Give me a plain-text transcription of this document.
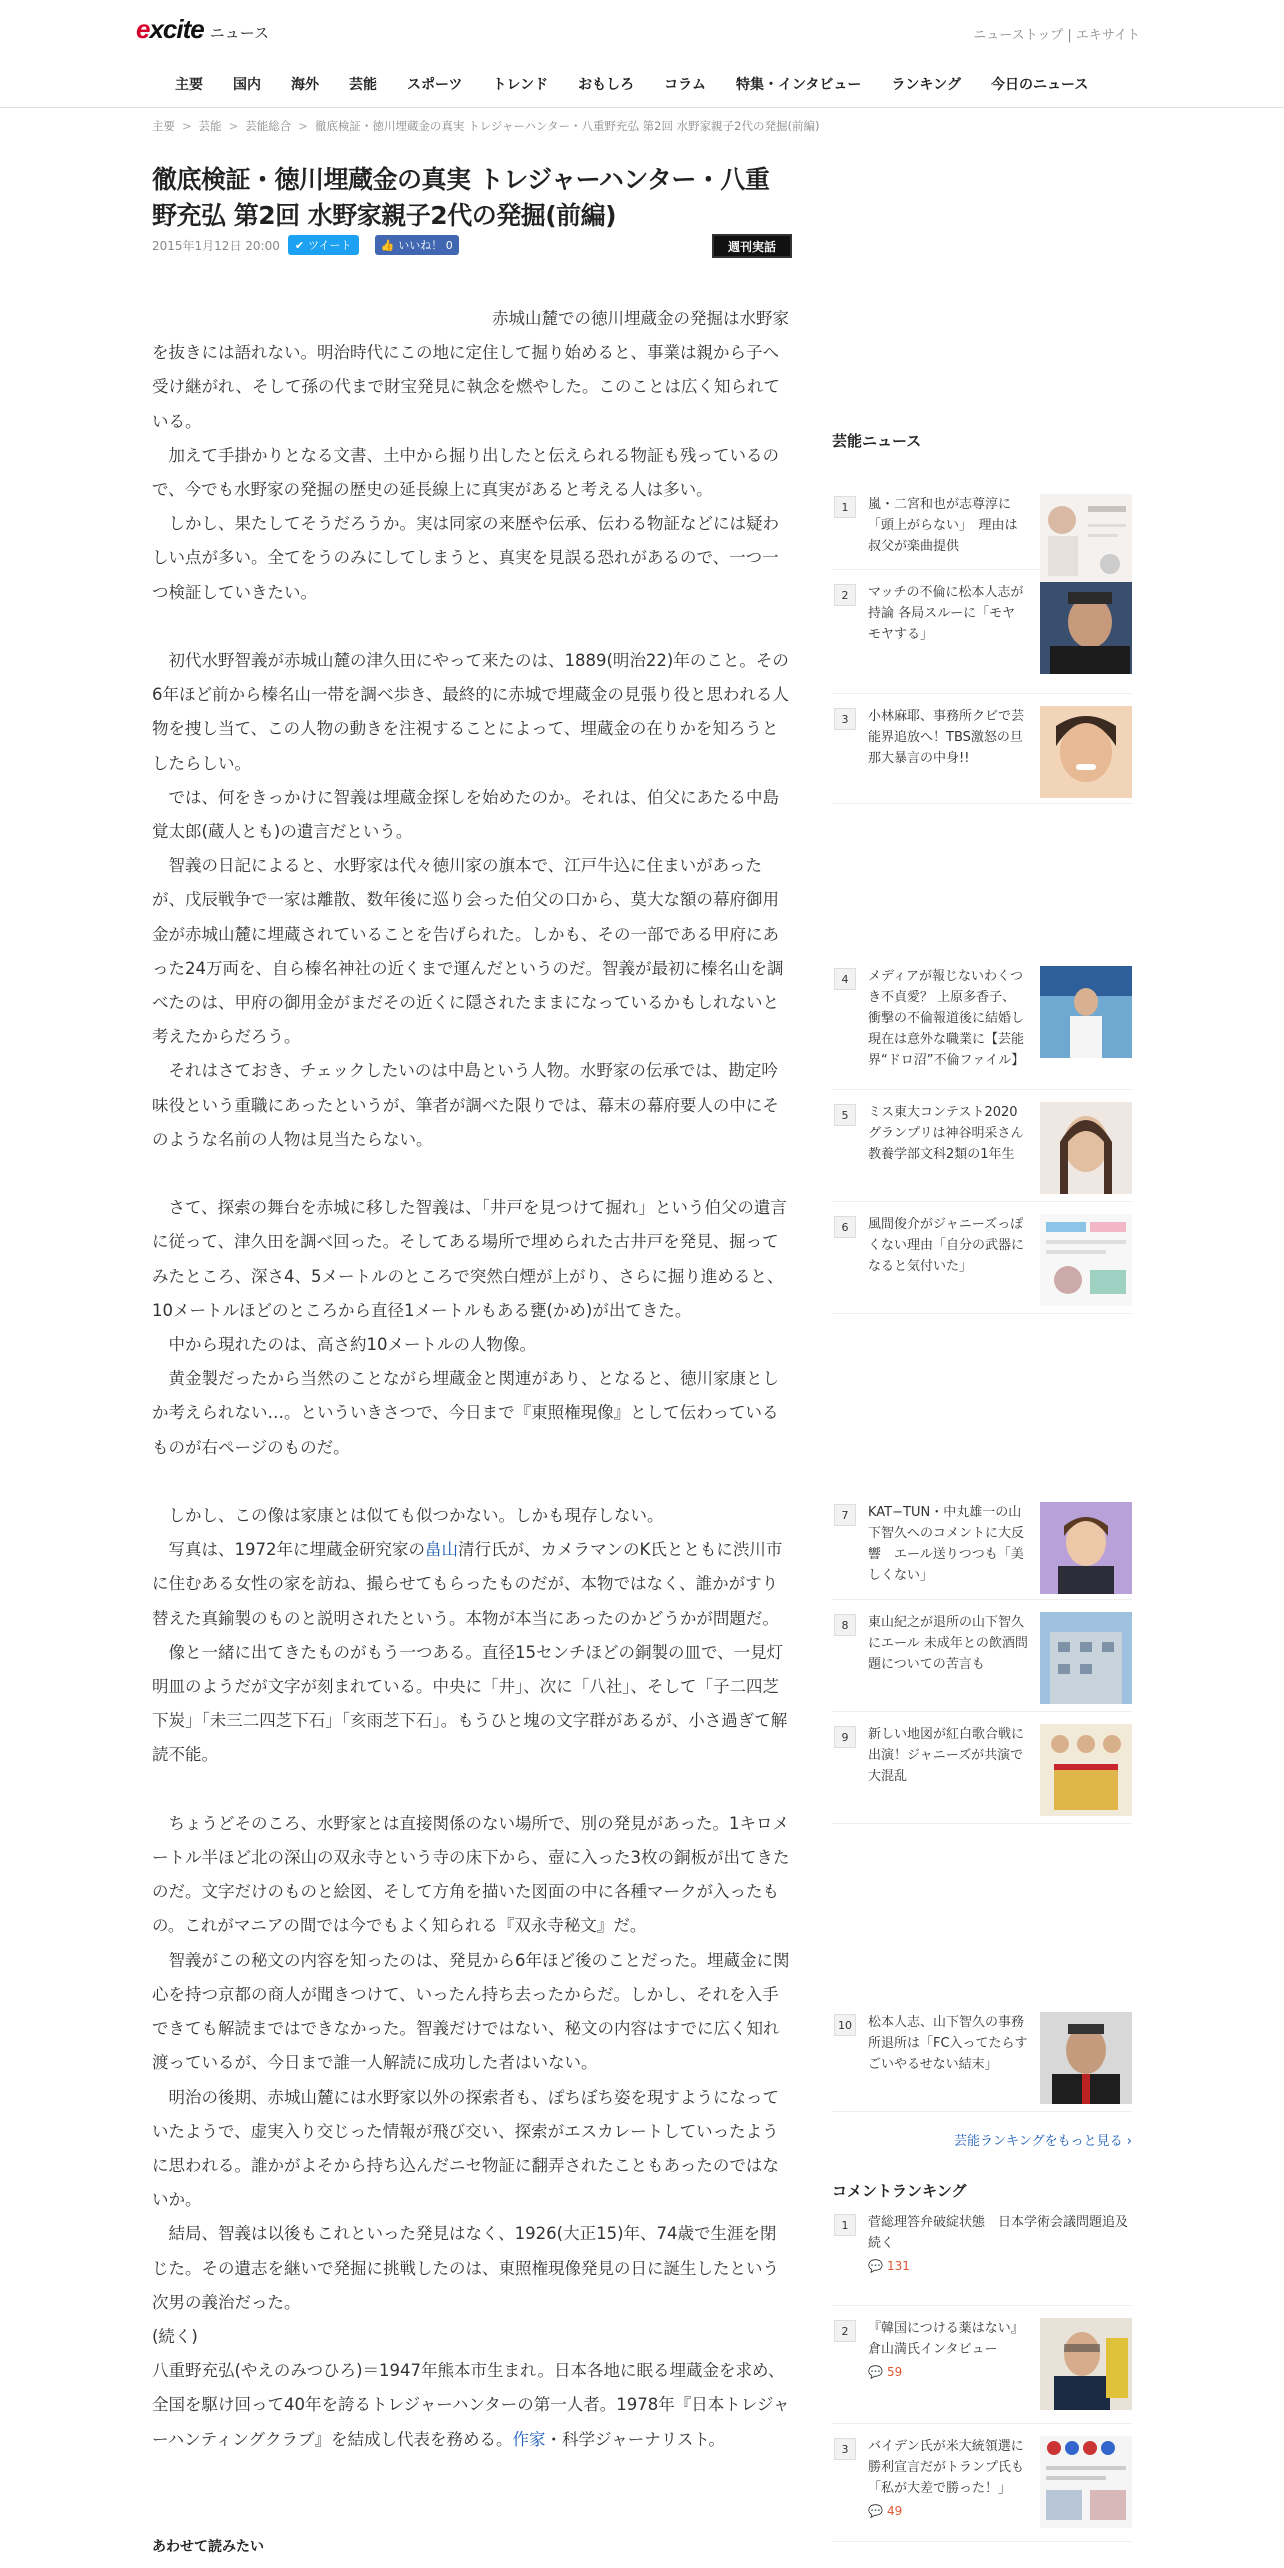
excite ニュース	ニューストップ | エキサイト
主要	国内	海外	芸能	スポーツ	トレンド	おもしろ	コラム	特集・インタビュー	ランキング	今日のニュース
主要 > 芸能 > 芸能総合 > 徹底検証・徳川埋蔵金の真実 トレジャーハンター・八重野充弘 第2回 水野家親子2代の発掘(前編)
徹底検証・徳川埋蔵金の真実 トレジャーハンター・八重野充弘 第2回 水野家親子2代の発掘(前編)
2015年1月12日 20:00 ✔ ツイート	👍 いいね！ 0	週刊実話

赤城山麓での徳川埋蔵金の発掘は水野家を抜きには語れない。明治時代にこの地に定住して掘り始めると、事業は親から子へ受け継がれ、そして孫の代まで財宝発見に執念を燃やした。このことは広く知られている。

　加えて手掛かりとなる文書、土中から掘り出したと伝えられる物証も残っているので、今でも水野家の発掘の歴史の延長線上に真実があると考える人は多い。

　しかし、果たしてそうだろうか。実は同家の来歴や伝承、伝わる物証などには疑わしい点が多い。全てをうのみにしてしまうと、真実を見誤る恐れがあるので、一つ一つ検証していきたい。

　初代水野智義が赤城山麓の津久田にやって来たのは、1889(明治22)年のこと。その6年ほど前から榛名山一帯を調べ歩き、最終的に赤城で埋蔵金の見張り役と思われる人物を捜し当て、この人物の動きを注視することによって、埋蔵金の在りかを知ろうとしたらしい。

　では、何をきっかけに智義は埋蔵金探しを始めたのか。それは、伯父にあたる中島覚太郎(蔵人とも)の遺言だという。

　智義の日記によると、水野家は代々徳川家の旗本で、江戸牛込に住まいがあったが、戊辰戦争で一家は離散、数年後に巡り会った伯父の口から、莫大な額の幕府御用金が赤城山麓に埋蔵されていることを告げられた。しかも、その一部である甲府にあった24万両を、自ら榛名神社の近くまで運んだというのだ。智義が最初に榛名山を調べたのは、甲府の御用金がまだその近くに隠されたままになっているかもしれないと考えたからだろう。

　それはさておき、チェックしたいのは中島という人物。水野家の伝承では、勘定吟味役という重職にあったというが、筆者が調べた限りでは、幕末の幕府要人の中にそのような名前の人物は見当たらない。

　さて、探索の舞台を赤城に移した智義は、「井戸を見つけて掘れ」という伯父の遺言に従って、津久田を調べ回った。そしてある場所で埋められた古井戸を発見、掘ってみたところ、深さ4、5メートルのところで突然白煙が上がり、さらに掘り進めると、10メートルほどのところから直径1メートルもある甕(かめ)が出てきた。

　中から現れたのは、高さ約10メートルの人物像。

　黄金製だったから当然のことながら埋蔵金と関連があり、となると、徳川家康としか考えられない…。といういきさつで、今日まで『東照権現像』として伝わっているものが右ページのものだ。

　しかし、この像は家康とは似ても似つかない。しかも現存しない。

　写真は、1972年に埋蔵金研究家の畠山清行氏が、カメラマンのK氏とともに渋川市に住むある女性の家を訪ね、撮らせてもらったものだが、本物ではなく、誰かがすり替えた真鍮製のものと説明されたという。本物が本当にあったのかどうかが問題だ。

　像と一緒に出てきたものがもう一つある。直径15センチほどの銅製の皿で、一見灯明皿のようだが文字が刻まれている。中央に「井」、次に「八社」、そして「子二四芝下炭」「未三二四芝下石」「亥雨芝下石」。もうひと塊の文字群があるが、小さ過ぎて解読不能。

　ちょうどそのころ、水野家とは直接関係のない場所で、別の発見があった。1キロメートル半ほど北の深山の双永寺という寺の床下から、壺に入った3枚の銅板が出てきたのだ。文字だけのものと絵図、そして方角を描いた図面の中に各種マークが入ったもの。これがマニアの間では今でもよく知られる『双永寺秘文』だ。

　智義がこの秘文の内容を知ったのは、発見から6年ほど後のことだった。埋蔵金に関心を持つ京都の商人が聞きつけて、いったん持ち去ったからだ。しかし、それを入手できても解読まではできなかった。智義だけではない、秘文の内容はすでに広く知れ渡っているが、今日まで誰一人解読に成功した者はいない。

　明治の後期、赤城山麓には水野家以外の探索者も、ぽちぼち姿を現すようになっていたようで、虚実入り交じった情報が飛び交い、探索がエスカレートしていったように思われる。誰かがよそから持ち込んだニセ物証に翻弄されたこともあったのではないか。

　結局、智義は以後もこれといった発見はなく、1926(大正15)年、74歳で生涯を閉じた。その遺志を継いで発掘に挑戦したのは、東照権現像発見の日に誕生したという次男の義治だった。

(続く)

八重野充弘(やえのみつひろ)＝1947年熊本市生まれ。日本各地に眠る埋蔵金を求め、全国を駆け回って40年を誇るトレジャーハンターの第一人者。1978年『日本トレジャーハンティングクラブ』を結成し代表を務める。作家・科学ジャーナリスト。

あわせて読みたい
芸能ニュース
1	嵐・二宮和也が志尊淳に「頭上がらない」　理由は叔父が楽曲提供
2	マッチの不倫に松本人志が持論 各局スルーに「モヤモヤする」
3	小林麻耶、事務所クビで芸能界追放へ！TBS激怒の旦那大暴言の中身!!
4	メディアが報じないわくつき不貞愛？ 上原多香子、衝撃の不倫報道後に結婚し現在は意外な職業に【芸能界“ドロ沼”不倫ファイル】
5	ミス東大コンテスト2020グランプリは神谷明采さん 教養学部文科2類の1年生
6	風間俊介がジャニーズっぽくない理由「自分の武器になると気付いた」
7	KAT−TUN・中丸雄一の山下智久へのコメントに大反響　エール送りつつも「美しくない」
8	東山紀之が退所の山下智久にエール 未成年との飲酒問題についての苦言も
9	新しい地図が紅白歌合戦に出演！ジャニーズが共演で大混乱
10	松本人志、山下智久の事務所退所は「FC入ってたらすごいやるせない結末」
芸能ランキングをもっと見る ›
コメントランキング
1	菅総理答弁破綻状態　日本学術会議問題追及続く
💬 131
2	『韓国につける薬はない』倉山満氏インタビュー
💬 59
3	バイデン氏が米大統領選に勝利宣言だがトランプ氏も「私が大差で勝った！」
💬 49
